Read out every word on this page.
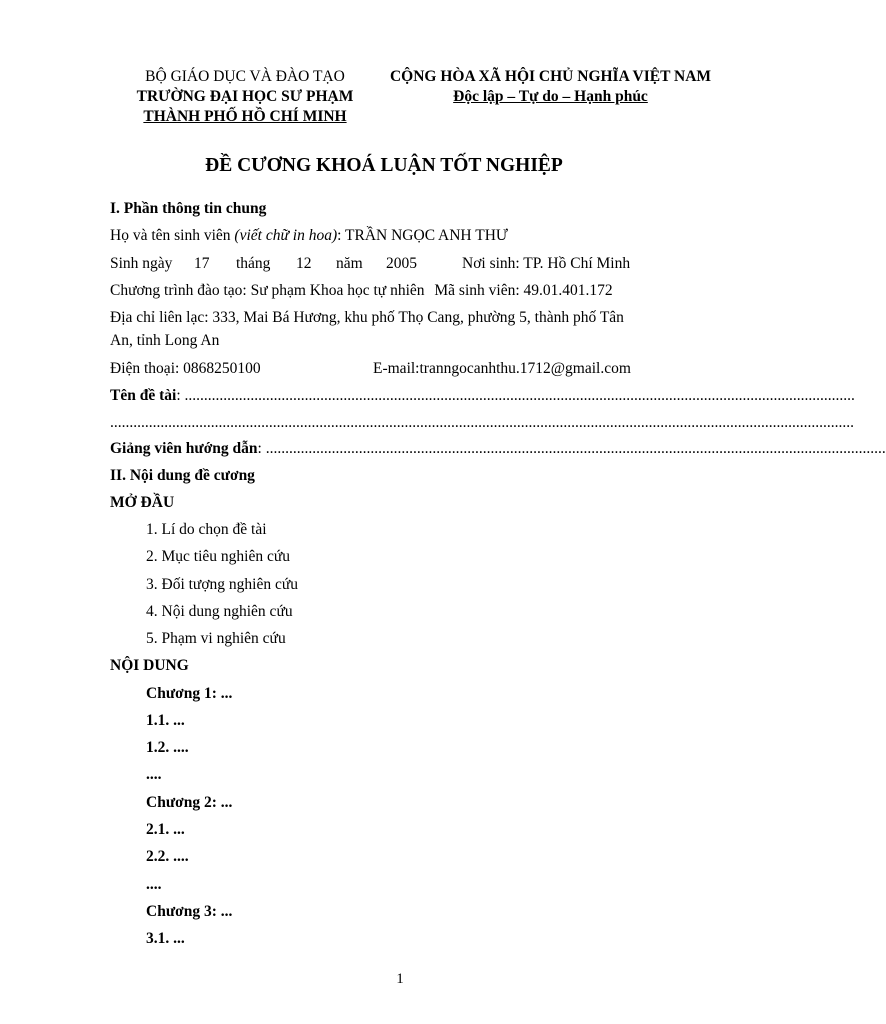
BỘ GIÁO DỤC VÀ ĐÀO TẠO
TRƯỜNG ĐẠI HỌC SƯ PHẠM
THÀNH PHỐ HỒ CHÍ MINH
CỘNG HÒA XÃ HỘI CHỦ NGHĨA VIỆT NAM
Độc lập – Tự do – Hạnh phúc
ĐỀ CƯƠNG KHOÁ LUẬN TỐT NGHIỆP
I. Phần thông tin chung
Họ và tên sinh viên (viết chữ in hoa): TRẦN NGỌC ANH THƯ
Sinh ngày 17 tháng 12 năm 2005	Nơi sinh: TP. Hồ Chí Minh
Chương trình đào tạo: Sư phạm Khoa học tự nhiên Mã sinh viên: 49.01.401.172
Địa chỉ liên lạc: 333, Mai Bá Hương, khu phố Thọ Cang, phường 5, thành phố Tân
An, tỉnh Long An
Điện thoại: 0868250100	E-mail:tranngocanhthu.1712@gmail.com
Tên đề tài: .............................................................................................................................................................................
................................................................................................................................................................................................
Giảng viên hướng dẫn: ................................................................................................................................................................
II. Nội dung đề cương
MỞ ĐẦU
1. Lí do chọn đề tài
2. Mục tiêu nghiên cứu
3. Đối tượng nghiên cứu
4. Nội dung nghiên cứu
5. Phạm vi nghiên cứu
NỘI DUNG
Chương 1: ...
1.1. ...
1.2. ....
....
Chương 2: ...
2.1. ...
2.2. ....
....
Chương 3: ...
3.1. ...
1
